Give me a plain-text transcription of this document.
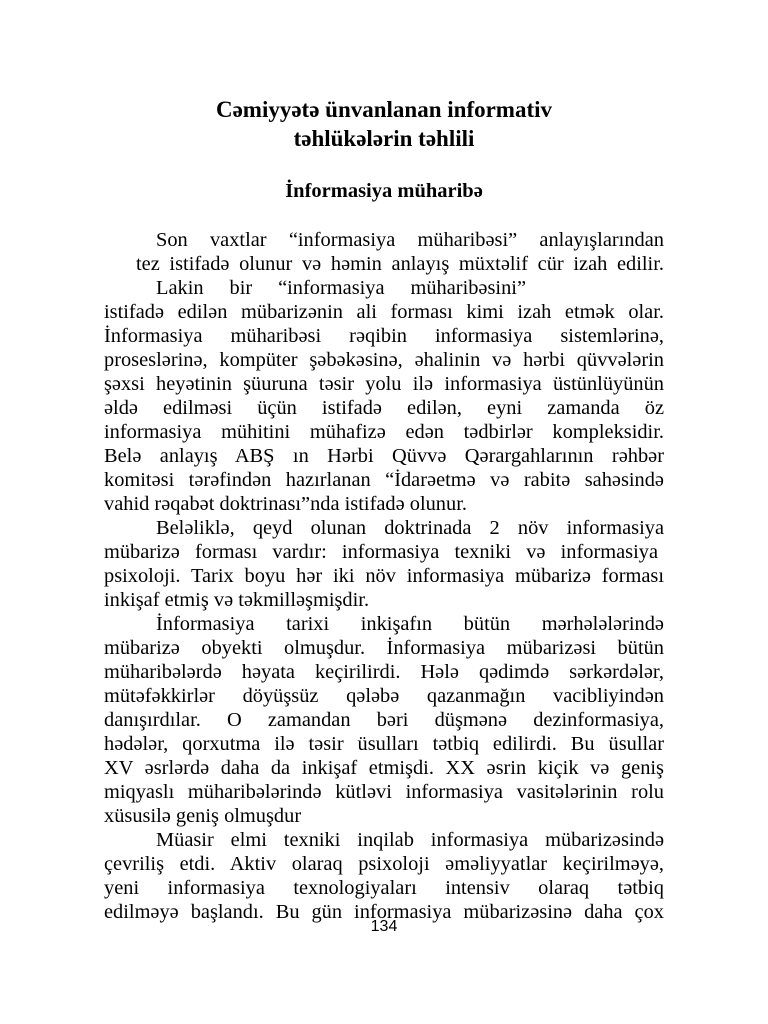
Cəmiyyətə ünvanlanan informativ
təhlükələrin təhlili
İnformasiya müharibə
Son vaxtlar “informasiya müharibəsi” anlayışlarından
tez istifadə olunur və həmin anlayış müxtəlif cür izah edilir.
Lakin bir “informasiya müharibəsini”
istifadə edilən mübarizənin ali forması kimi izah etmək olar.
İnformasiya müharibəsi rəqibin informasiya sistemlərinə,
proseslərinə, kompüter şəbəkəsinə, əhalinin və hərbi qüvvələrin
şəxsi heyətinin şüuruna təsir yolu ilə informasiya üstünlüyünün
əldə edilməsi üçün istifadə edilən, eyni zamanda öz
informasiya mühitini mühafizə edən tədbirlər kompleksidir.
Belə anlayış ABŞ ın Hərbi Qüvvə Qərargahlarının rəhbər
komitəsi tərəfindən hazırlanan “İdarəetmə və rabitə sahəsində
vahid rəqabət doktrinası”nda istifadə olunur.
Beləliklə, qeyd olunan doktrinada 2 növ informasiya
mübarizə forması vardır: informasiya texniki və informasiya
psixoloji. Tarix boyu hər iki növ informasiya mübarizə forması
inkişaf etmiş və təkmilləşmişdir.
İnformasiya tarixi inkişafın bütün mərhələlərində
mübarizə obyekti olmuşdur. İnformasiya mübarizəsi bütün
müharibələrdə həyata keçirilirdi. Hələ qədimdə sərkərdələr,
mütəfəkkirlər döyüşsüz qələbə qazanmağın vacibliyindən
danışırdılar. O zamandan bəri düşmənə dezinformasiya,
hədələr, qorxutma ilə təsir üsulları tətbiq edilirdi. Bu üsullar
XV əsrlərdə daha da inkişaf etmişdi. XX əsrin kiçik və geniş
miqyaslı müharibələrində kütləvi informasiya vasitələrinin rolu
xüsusilə geniş olmuşdur
Müasir elmi texniki inqilab informasiya mübarizəsində
çevriliş etdi. Aktiv olaraq psixoloji əməliyyatlar keçirilməyə,
yeni informasiya texnologiyaları intensiv olaraq tətbiq
edilməyə başlandı. Bu gün informasiya mübarizəsinə daha çox
134
